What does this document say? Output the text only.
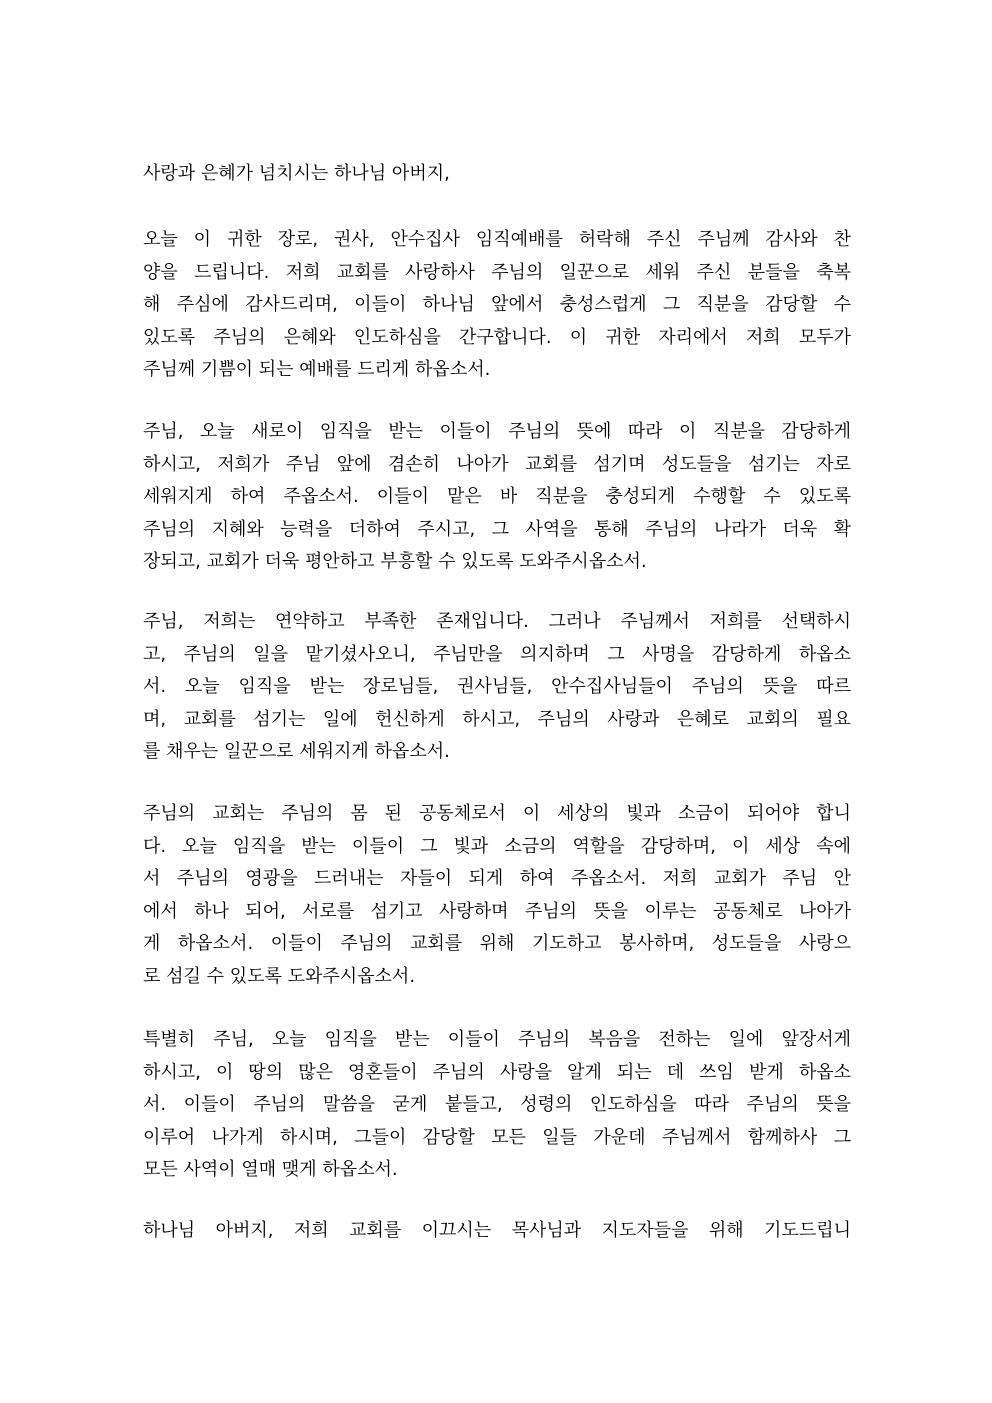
사랑과 은혜가 넘치시는 하나님 아버지,
오늘 이 귀한 장로, 권사, 안수집사 임직예배를 허락해 주신 주님께 감사와 찬
양을 드립니다. 저희 교회를 사랑하사 주님의 일꾼으로 세워 주신 분들을 축복
해 주심에 감사드리며, 이들이 하나님 앞에서 충성스럽게 그 직분을 감당할 수
있도록 주님의 은혜와 인도하심을 간구합니다. 이 귀한 자리에서 저희 모두가
주님께 기쁨이 되는 예배를 드리게 하옵소서.
주님, 오늘 새로이 임직을 받는 이들이 주님의 뜻에 따라 이 직분을 감당하게
하시고, 저희가 주님 앞에 겸손히 나아가 교회를 섬기며 성도들을 섬기는 자로
세워지게 하여 주옵소서. 이들이 맡은 바 직분을 충성되게 수행할 수 있도록
주님의 지혜와 능력을 더하여 주시고, 그 사역을 통해 주님의 나라가 더욱 확
장되고, 교회가 더욱 평안하고 부흥할 수 있도록 도와주시옵소서.
주님, 저희는 연약하고 부족한 존재입니다. 그러나 주님께서 저희를 선택하시
고, 주님의 일을 맡기셨사오니, 주님만을 의지하며 그 사명을 감당하게 하옵소
서. 오늘 임직을 받는 장로님들, 권사님들, 안수집사님들이 주님의 뜻을 따르
며, 교회를 섬기는 일에 헌신하게 하시고, 주님의 사랑과 은혜로 교회의 필요
를 채우는 일꾼으로 세워지게 하옵소서.
주님의 교회는 주님의 몸 된 공동체로서 이 세상의 빛과 소금이 되어야 합니
다. 오늘 임직을 받는 이들이 그 빛과 소금의 역할을 감당하며, 이 세상 속에
서 주님의 영광을 드러내는 자들이 되게 하여 주옵소서. 저희 교회가 주님 안
에서 하나 되어, 서로를 섬기고 사랑하며 주님의 뜻을 이루는 공동체로 나아가
게 하옵소서. 이들이 주님의 교회를 위해 기도하고 봉사하며, 성도들을 사랑으
로 섬길 수 있도록 도와주시옵소서.
특별히 주님, 오늘 임직을 받는 이들이 주님의 복음을 전하는 일에 앞장서게
하시고, 이 땅의 많은 영혼들이 주님의 사랑을 알게 되는 데 쓰임 받게 하옵소
서. 이들이 주님의 말씀을 굳게 붙들고, 성령의 인도하심을 따라 주님의 뜻을
이루어 나가게 하시며, 그들이 감당할 모든 일들 가운데 주님께서 함께하사 그
모든 사역이 열매 맺게 하옵소서.
하나님 아버지, 저희 교회를 이끄시는 목사님과 지도자들을 위해 기도드립니
